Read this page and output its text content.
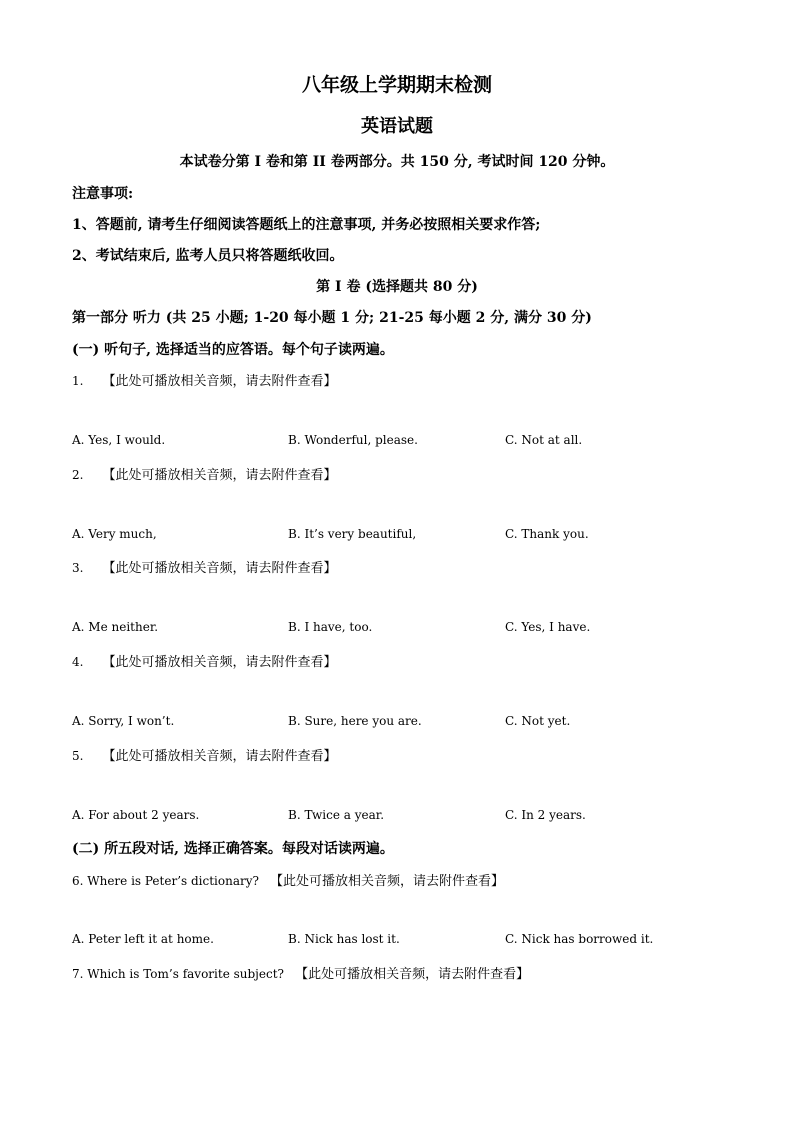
八年级上学期期末检测
英语试题
本试卷分第 I 卷和第 II 卷两部分。共 150 分, 考试时间 120 分钟。
注意事项:
1、答题前, 请考生仔细阅读答题纸上的注意事项, 并务必按照相关要求作答;
2、考试结束后, 监考人员只将答题纸收回。
第 I 卷 (选择题共 80 分)
第一部分 听力 (共 25 小题; 1-20 每小题 1 分; 21-25 每小题 2 分, 满分 30 分)
(一) 听句子, 选择适当的应答语。每个句子读两遍。
1. 【此处可播放相关音频，请去附件查看】
A. Yes, I would.	B. Wonderful, please.	C. Not at all.
2. 【此处可播放相关音频，请去附件查看】
A. Very much,	B. It’s very beautiful,	C. Thank you.
3. 【此处可播放相关音频，请去附件查看】
A. Me neither.	B. I have, too.	C. Yes, I have.
4. 【此处可播放相关音频，请去附件查看】
A. Sorry, I won’t.	B. Sure, here you are.	C. Not yet.
5. 【此处可播放相关音频，请去附件查看】
A. For about 2 years.	B. Twice a year.	C. In 2 years.
(二) 所五段对话, 选择正确答案。每段对话读两遍。
6. Where is Peter’s dictionary? 【此处可播放相关音频，请去附件查看】
A. Peter left it at home.	B. Nick has lost it.	C. Nick has borrowed it.
7. Which is Tom’s favorite subject? 【此处可播放相关音频，请去附件查看】
